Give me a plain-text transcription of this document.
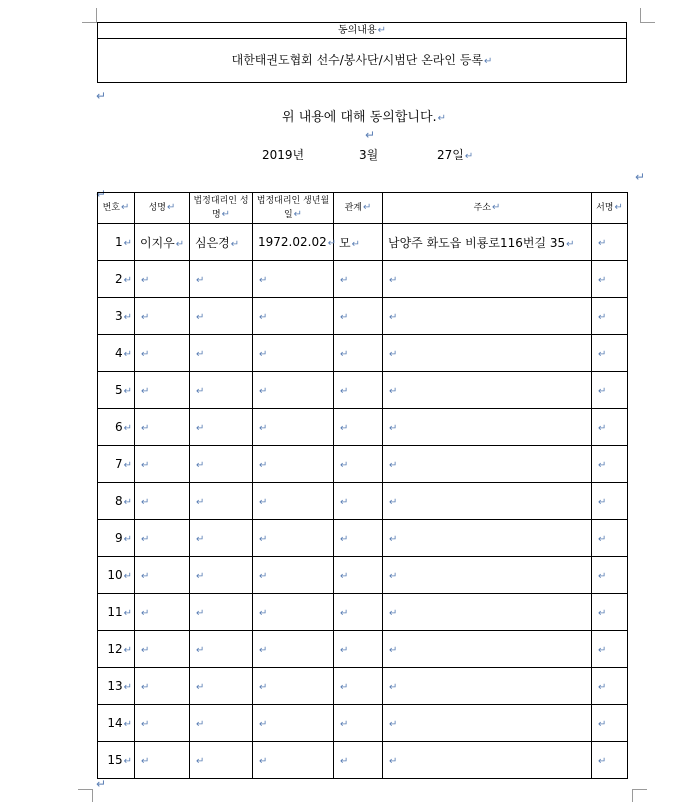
동의내용↵
대한태권도협회 선수/봉사단/시범단 온라인 등록↵
↵
위 내용에 대해 동의합니다.↵
↵
2019년	3월	27일↵
↵
↵
번호↵	성명↵	법정대리인 성명↵	법정대리인 생년월일↵	관계↵	주소↵	서명↵
1↵	이지우↵	심은경↵	1972.02.02↵	모↵	남양주 화도읍 비룡로116번길 35↵	↵
2↵	↵	↵	↵	↵	↵	↵
3↵	↵	↵	↵	↵	↵	↵
4↵	↵	↵	↵	↵	↵	↵
5↵	↵	↵	↵	↵	↵	↵
6↵	↵	↵	↵	↵	↵	↵
7↵	↵	↵	↵	↵	↵	↵
8↵	↵	↵	↵	↵	↵	↵
9↵	↵	↵	↵	↵	↵	↵
10↵	↵	↵	↵	↵	↵	↵
11↵	↵	↵	↵	↵	↵	↵
12↵	↵	↵	↵	↵	↵	↵
13↵	↵	↵	↵	↵	↵	↵
14↵	↵	↵	↵	↵	↵	↵
15↵	↵	↵	↵	↵	↵	↵
↵
